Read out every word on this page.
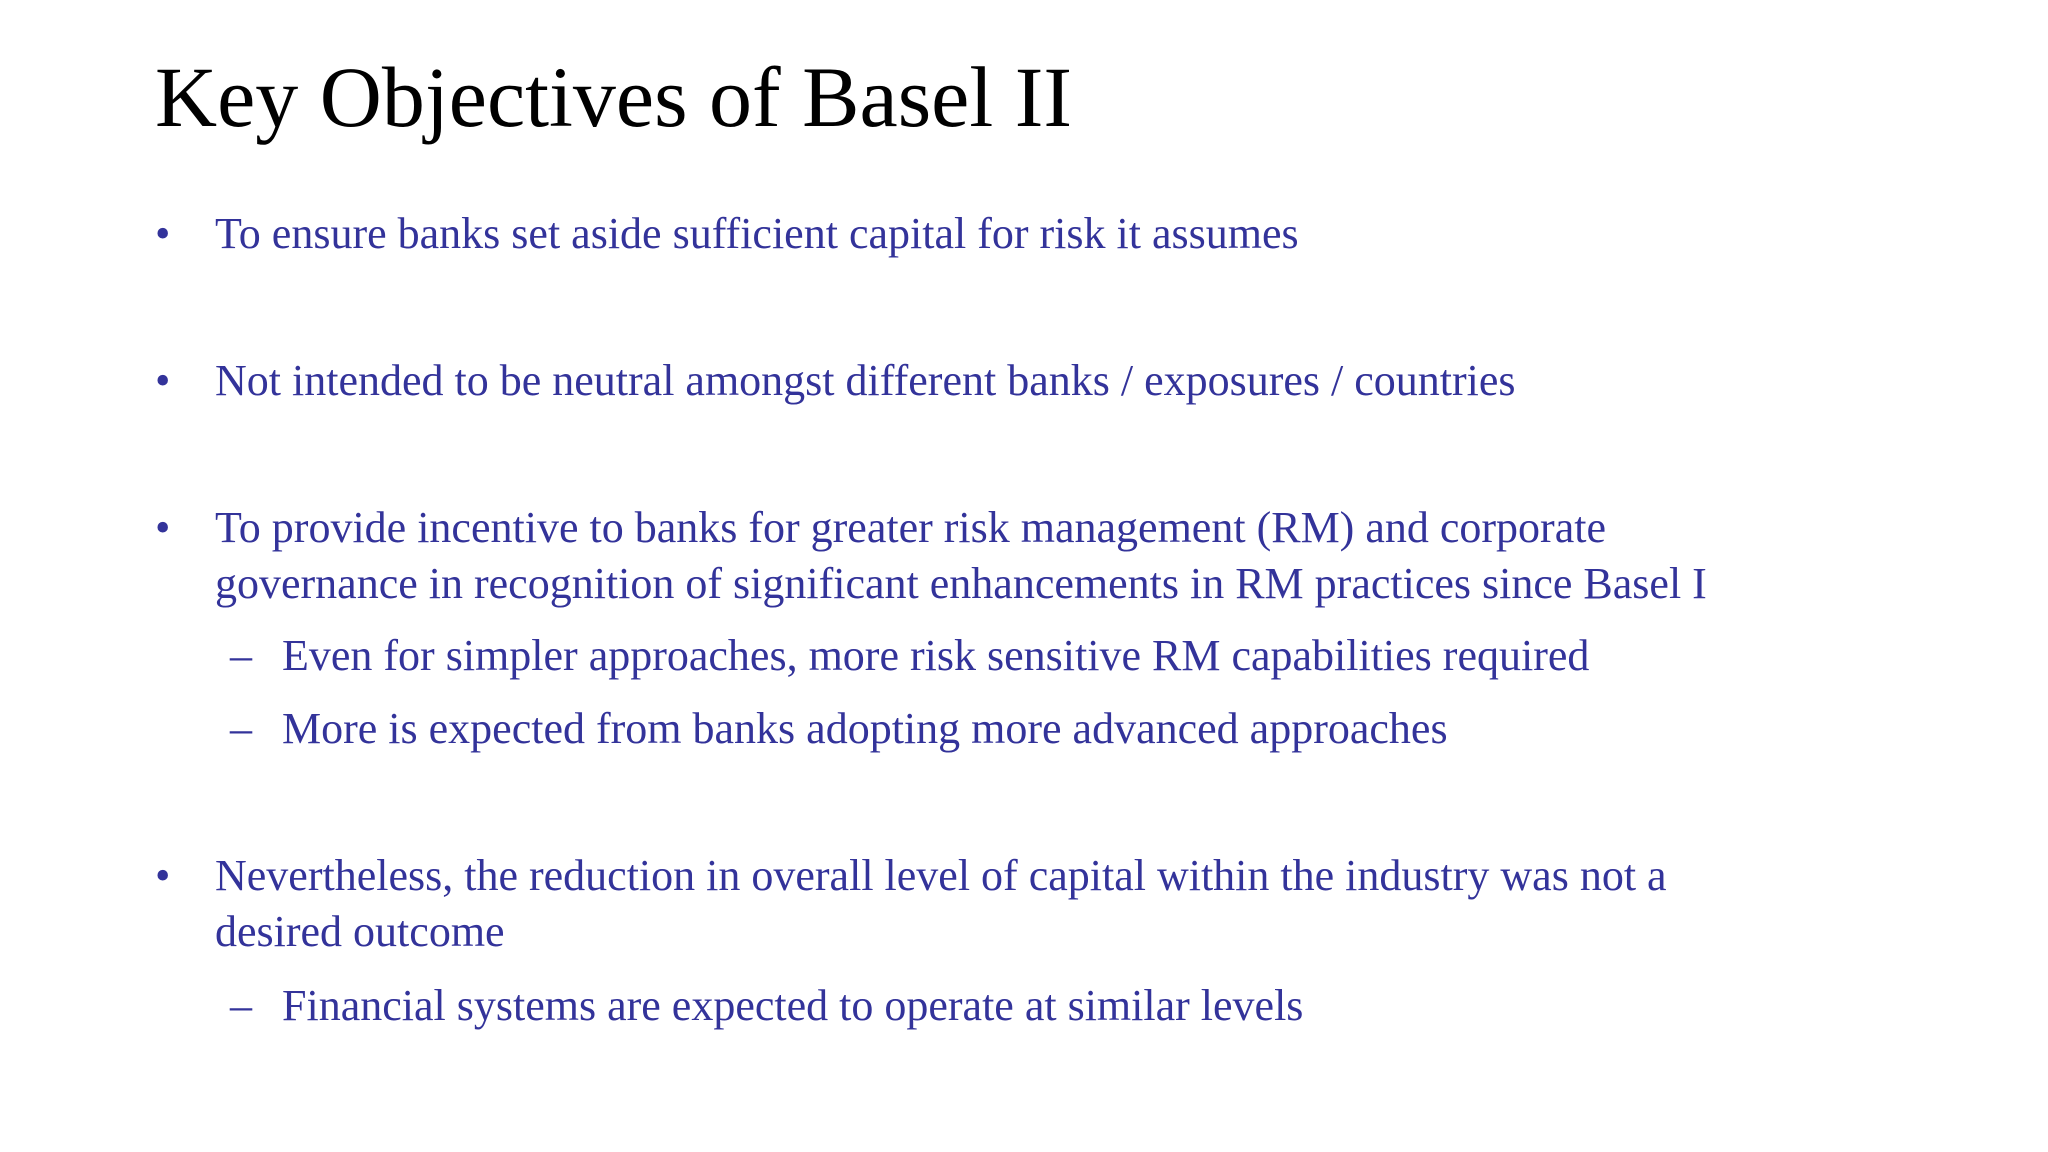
Key Objectives of Basel II
•	To ensure banks set aside sufficient capital for risk it assumes
•	Not intended to be neutral amongst different banks / exposures / countries
•	To provide incentive to banks for greater risk management (RM) and corporate
governance in recognition of significant enhancements in RM practices since Basel I
– Even for simpler approaches, more risk sensitive RM capabilities required
– More is expected from banks adopting more advanced approaches
•	Nevertheless, the reduction in overall level of capital within the industry was not a
desired outcome
– Financial systems are expected to operate at similar levels
